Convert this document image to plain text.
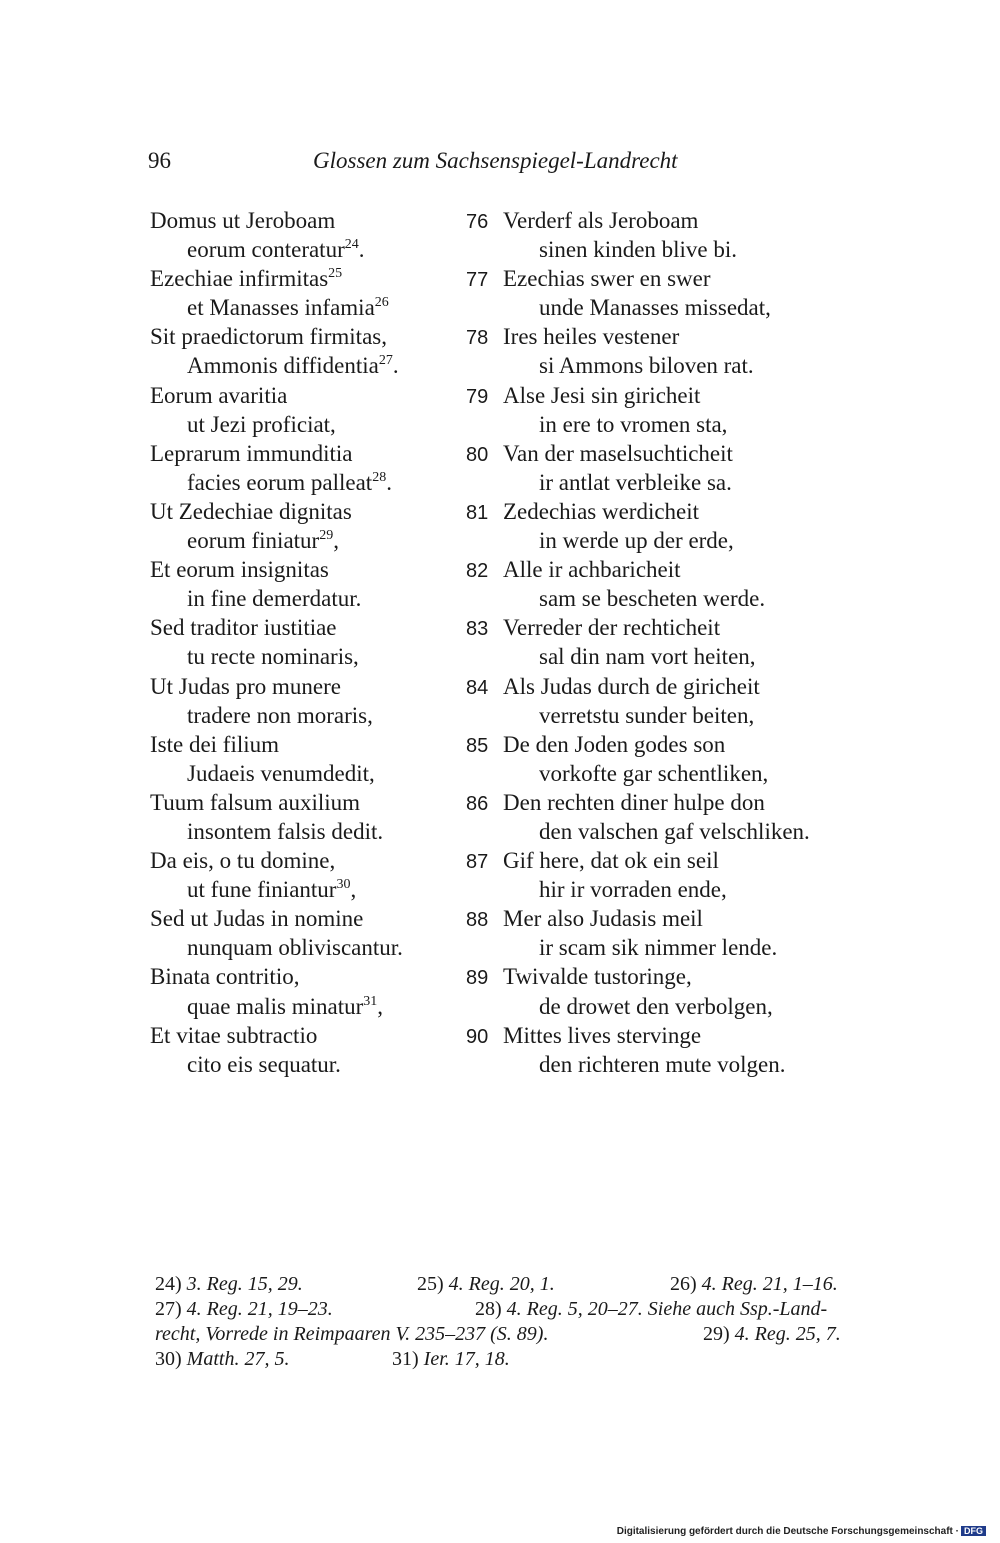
96	Glossen zum Sachsenspiegel-Landrecht
Domus ut Jeroboam
eorum conteratur$^{24}$.
Ezechiae infirmitas$^{25}$
et Manasses infamia$^{26}$
Sit praedictorum firmitas,
Ammonis diffidentia$^{27}$.
Eorum avaritia
ut Jezi proficiat,
Leprarum immunditia
facies eorum palleat$^{28}$.
Ut Zedechiae dignitas
eorum finiatur$^{29}$,
Et eorum insignitas
in fine demerdatur.
Sed traditor iustitiae
tu recte nominaris,
Ut Judas pro munere
tradere non moraris,
Iste dei filium
Judaeis venumdedit,
Tuum falsum auxilium
insontem falsis dedit.
Da eis, o tu domine,
ut fune finiantur$^{30}$,
Sed ut Judas in nomine
nunquam obliviscantur.
Binata contritio,
quae malis minatur$^{31}$,
Et vitae subtractio
cito eis sequatur.
76 Verderf als Jeroboam
sinen kinden blive bi.
77 Ezechias swer en swer
unde Manasses missedat,
78 Ires heiles vestener
si Ammons biloven rat.
79 Alse Jesi sin giricheit
in ere to vromen sta,
80 Van der maselsuchticheit
ir antlat verbleike sa.
81 Zedechias werdicheit
in werde up der erde,
82 Alle ir achbaricheit
sam se bescheten werde.
83 Verreder der rechticheit
sal din nam vort heiten,
84 Als Judas durch de giricheit
verretstu sunder beiten,
85 De den Joden godes son
vorkofte gar schentliken,
86 Den rechten diner hulpe don
den valschen gaf velschliken.
87 Gif here, dat ok ein seil
hir ir vorraden ende,
88 Mer also Judasis meil
ir scam sik nimmer lende.
89 Twivalde tustoringe,
de drowet den verbolgen,
90 Mittes lives stervinge
den richteren mute volgen.
24) 3. Reg. 15, 29.	25) 4. Reg. 20, 1.	26) 4. Reg. 21, 1–16.
27) 4. Reg. 21, 19–23.	28) 4. Reg. 5, 20–27. Siehe auch Ssp.-Land-
recht, Vorrede in Reimpaaren V. 235–237 (S. 89).	29) 4. Reg. 25, 7.
30) Matth. 27, 5.	31) Ier. 17, 18.
Digitalisierung gefördert durch die Deutsche Forschungsgemeinschaft · DFG
